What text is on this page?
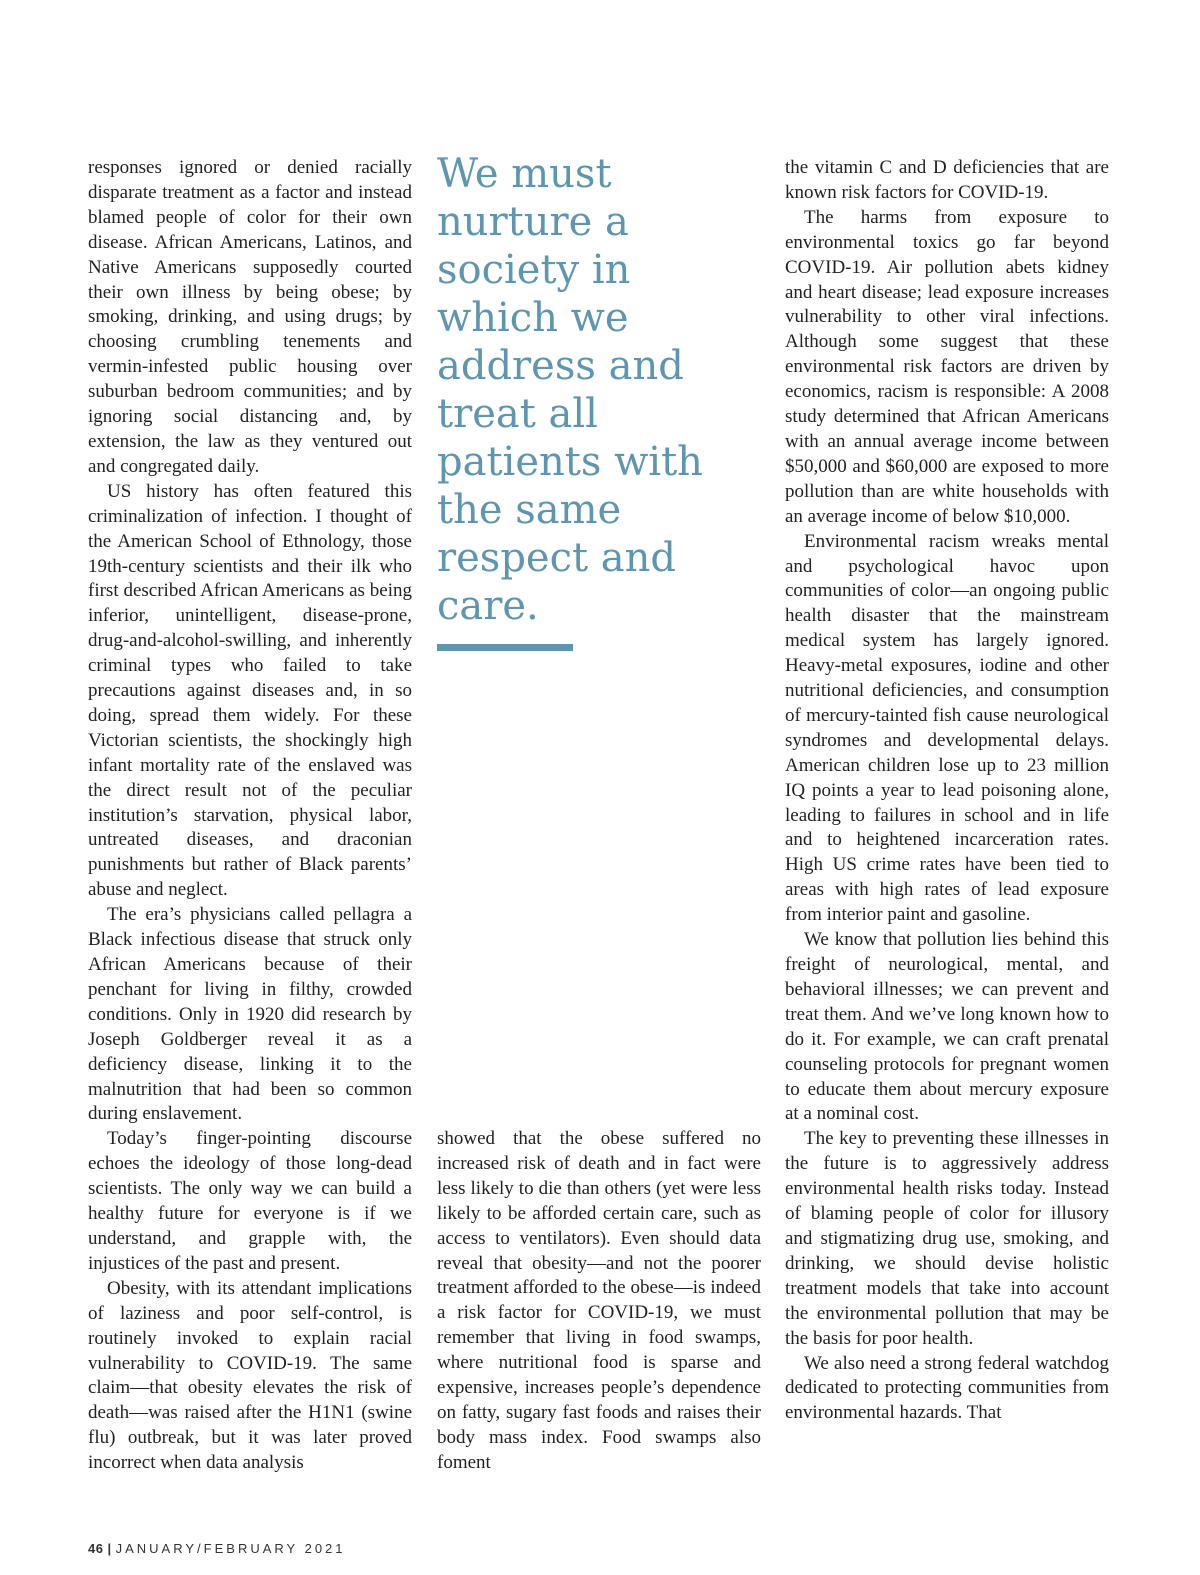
responses ignored or denied racially disparate treatment as a factor and instead blamed people of color for their own disease. African Americans, Latinos, and Native Americans supposedly courted their own illness by being obese; by smoking, drinking, and using drugs; by choosing crumbling tenements and vermin-infested public housing over suburban bedroom communities; and by ignoring social distancing and, by extension, the law as they ventured out and congregated daily.

US history has often featured this criminalization of infection. I thought of the American School of Ethnology, those 19th-century scientists and their ilk who first described African Americans as being inferior, unintelligent, disease-prone, drug-and-alcohol-swilling, and inherently criminal types who failed to take precautions against diseases and, in so doing, spread them widely. For these Victorian scientists, the shockingly high infant mortality rate of the enslaved was the direct result not of the peculiar institution’s starvation, physical labor, untreated diseases, and draconian punishments but rather of Black parents’ abuse and neglect.

The era’s physicians called pellagra a Black infectious disease that struck only African Americans because of their penchant for living in filthy, crowded conditions. Only in 1920 did research by Joseph Goldberger reveal it as a deficiency disease, linking it to the malnutrition that had been so common during enslavement.

Today’s finger-pointing discourse echoes the ideology of those long-dead scientists. The only way we can build a healthy future for everyone is if we understand, and grapple with, the injustices of the past and present.

Obesity, with its attendant implications of laziness and poor self-control, is routinely invoked to explain racial vulnerability to COVID-19. The same claim—that obesity elevates the risk of death—was raised after the H1N1 (swine flu) outbreak, but it was later proved incorrect when data analysis

We must nurture a society in which we address and treat all patients with the same respect and care.

showed that the obese suffered no increased risk of death and in fact were less likely to die than others (yet were less likely to be afforded certain care, such as access to ventilators). Even should data reveal that obesity—and not the poorer treatment afforded to the obese—is indeed a risk factor for COVID-19, we must remember that living in food swamps, where nutritional food is sparse and expensive, increases people’s dependence on fatty, sugary fast foods and raises their body mass index. Food swamps also foment

the vitamin C and D deficiencies that are known risk factors for COVID-19.

The harms from exposure to environmental toxics go far beyond COVID-19. Air pollution abets kidney and heart disease; lead exposure increases vulnerability to other viral infections. Although some suggest that these environmental risk factors are driven by economics, racism is responsible: A 2008 study determined that African Americans with an annual average income between $50,000 and $60,000 are exposed to more pollution than are white households with an average income of below $10,000.

Environmental racism wreaks mental and psychological havoc upon communities of color—an ongoing public health disaster that the mainstream medical system has largely ignored. Heavy-metal exposures, iodine and other nutritional deficiencies, and consumption of mercury-tainted fish cause neurological syndromes and developmental delays. American children lose up to 23 million IQ points a year to lead poisoning alone, leading to failures in school and in life and to heightened incarceration rates. High US crime rates have been tied to areas with high rates of lead exposure from interior paint and gasoline.

We know that pollution lies behind this freight of neurological, mental, and behavioral illnesses; we can prevent and treat them. And we’ve long known how to do it. For example, we can craft prenatal counseling protocols for pregnant women to educate them about mercury exposure at a nominal cost.

The key to preventing these illnesses in the future is to aggressively address environmental health risks today. Instead of blaming people of color for illusory and stigmatizing drug use, smoking, and drinking, we should devise holistic treatment models that take into account the environmental pollution that may be the basis for poor health.

We also need a strong federal watchdog dedicated to protecting communities from environmental hazards. That

46 | JANUARY/FEBRUARY 2021
